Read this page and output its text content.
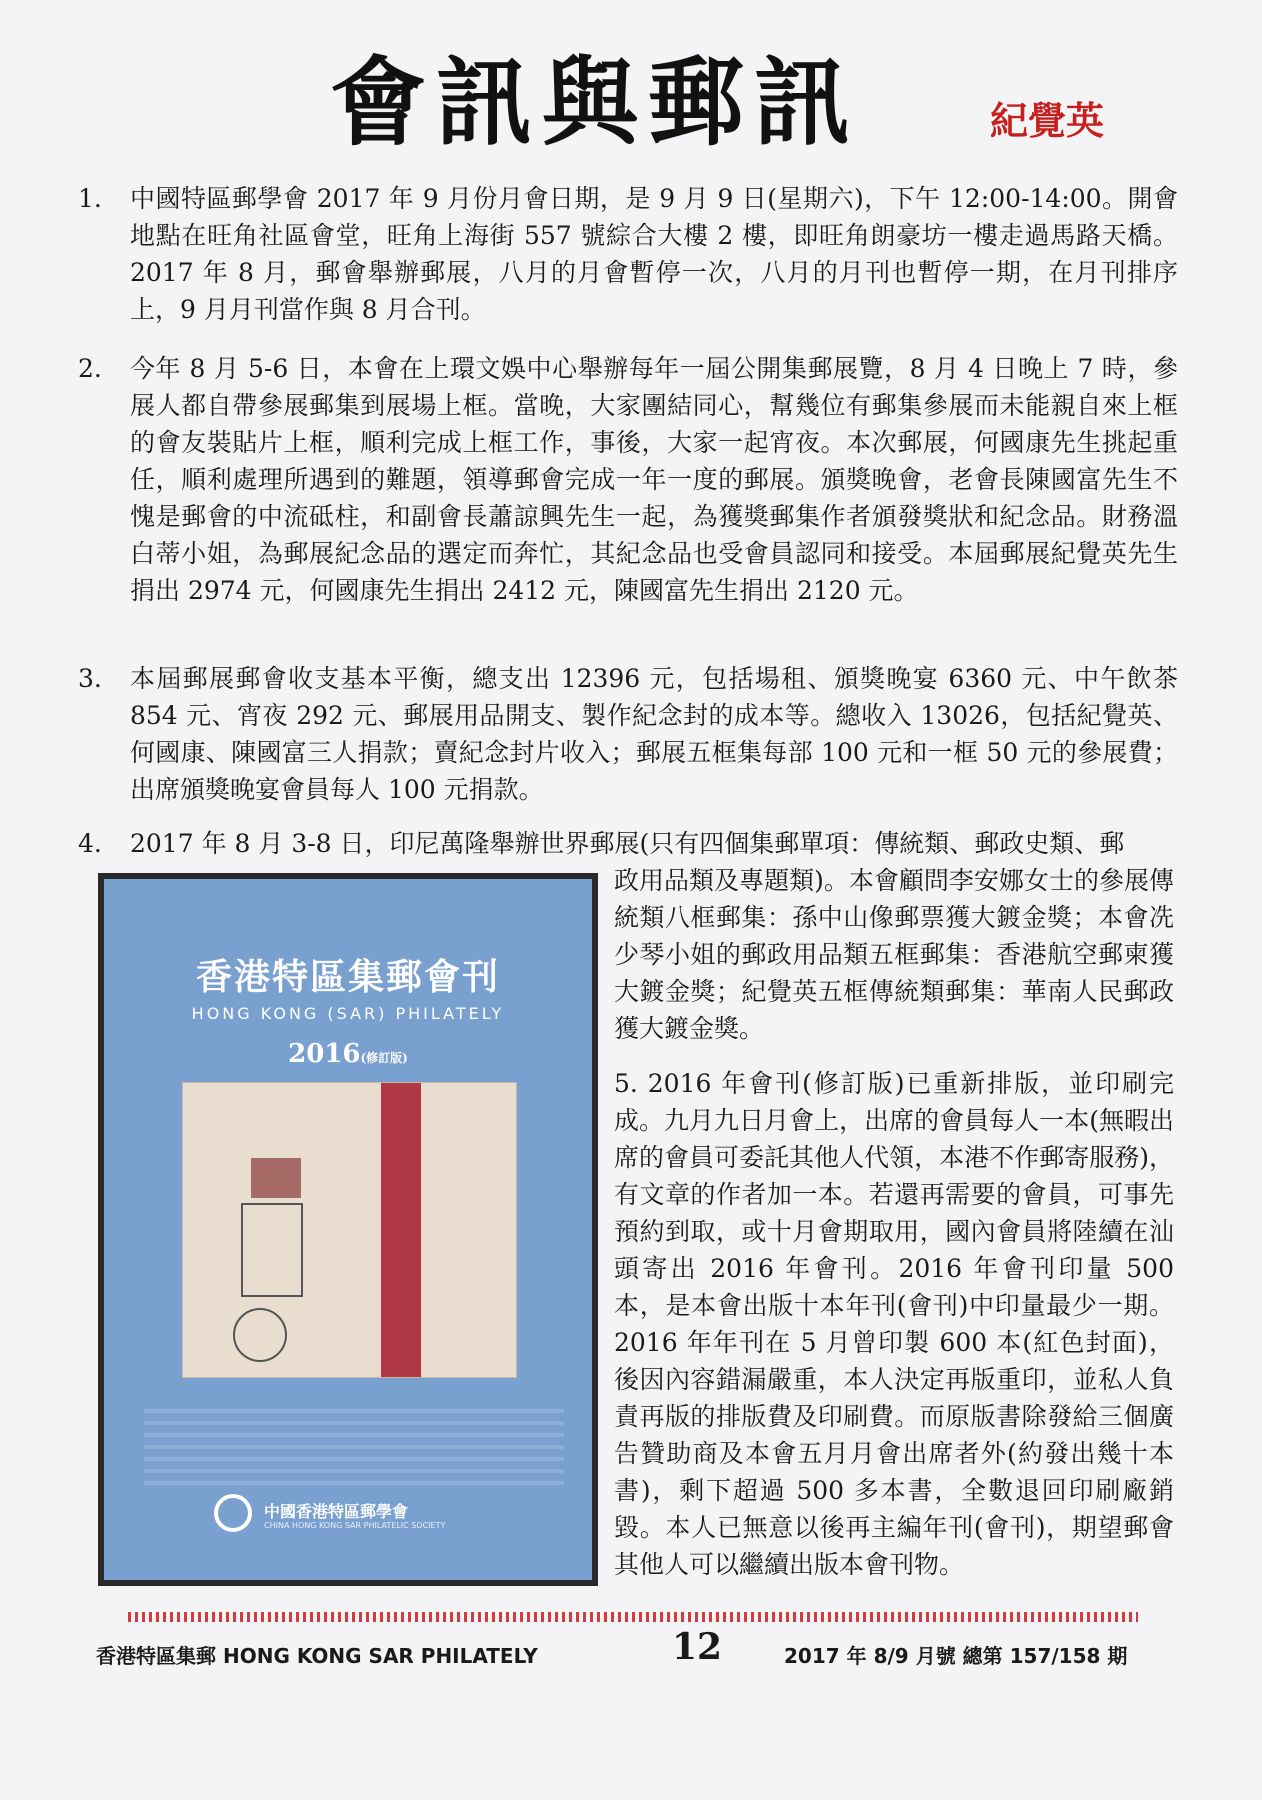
會訊與郵訊	紀覺英
1.	中國特區郵學會 2017 年 9 月份月會日期，是 9 月 9 日(星期六)，下午 12:00-14:00。開會地點在旺角社區會堂，旺角上海街 557 號綜合大樓 2 樓，即旺角朗豪坊一樓走過馬路天橋。2017 年 8 月，郵會舉辦郵展，八月的月會暫停一次，八月的月刊也暫停一期，在月刊排序上，9 月月刊當作與 8 月合刊。
2.	今年 8 月 5-6 日，本會在上環文娛中心舉辦每年一屆公開集郵展覽，8 月 4 日晚上 7 時，參展人都自帶參展郵集到展場上框。當晚，大家團結同心，幫幾位有郵集參展而未能親自來上框的會友裝貼片上框，順利完成上框工作，事後，大家一起宵夜。本次郵展，何國康先生挑起重任，順利處理所遇到的難題，領導郵會完成一年一度的郵展。頒獎晚會，老會長陳國富先生不愧是郵會的中流砥柱，和副會長蕭諒興先生一起，為獲獎郵集作者頒發獎狀和紀念品。財務溫白蒂小姐，為郵展紀念品的選定而奔忙，其紀念品也受會員認同和接受。本屆郵展紀覺英先生捐出 2974 元，何國康先生捐出 2412 元，陳國富先生捐出 2120 元。
3.	本屆郵展郵會收支基本平衡，總支出 12396 元，包括場租、頒獎晚宴 6360 元、中午飲茶 854 元、宵夜 292 元、郵展用品開支、製作紀念封的成本等。總收入 13026，包括紀覺英、何國康、陳國富三人捐款；賣紀念封片收入；郵展五框集每部 100 元和一框 50 元的參展費；出席頒獎晚宴會員每人 100 元捐款。
4.	2017 年 8 月 3-8 日，印尼萬隆舉辦世界郵展(只有四個集郵單項：傳統類、郵政史類、郵
政用品類及專題類)。本會顧問李安娜女士的參展傳統類八框郵集：孫中山像郵票獲大鍍金獎；本會冼少琴小姐的郵政用品類五框郵集：香港航空郵柬獲大鍍金獎；紀覺英五框傳統類郵集：華南人民郵政獲大鍍金獎。
5. 2016 年會刊(修訂版)已重新排版，並印刷完成。九月九日月會上，出席的會員每人一本(無暇出席的會員可委託其他人代領，本港不作郵寄服務)，有文章的作者加一本。若還再需要的會員，可事先預約到取，或十月會期取用，國內會員將陸續在汕頭寄出 2016 年會刊。2016 年會刊印量 500 本，是本會出版十本年刊(會刊)中印量最少一期。2016 年年刊在 5 月曾印製 600 本(紅色封面)，後因內容錯漏嚴重，本人決定再版重印，並私人負責再版的排版費及印刷費。而原版書除發給三個廣告贊助商及本會五月月會出席者外(約發出幾十本書)，剩下超過 500 多本書，全數退回印刷廠銷毀。本人已無意以後再主編年刊(會刊)，期望郵會其他人可以繼續出版本會刊物。
香港特區集郵會刊
HONG KONG (SAR) PHILATELY
2016(修訂版)
中國香港特區郵學會
CHINA HONG KONG SAR PHILATELIC SOCIETY
香港特區集郵 HONG KONG SAR PHILATELY	12	2017 年 8/9 月號 總第 157/158 期
